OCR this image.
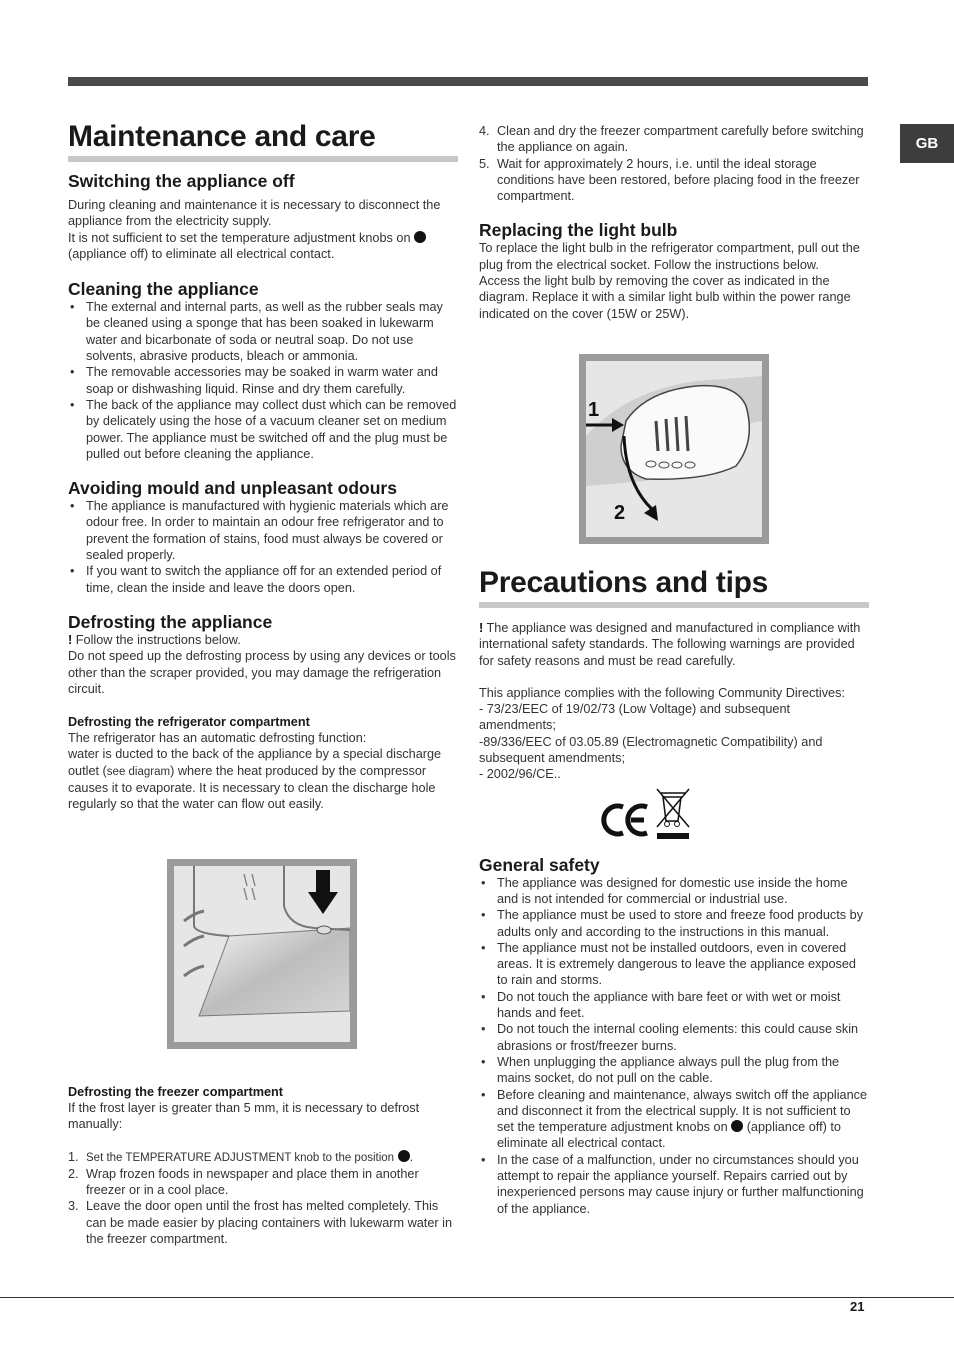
GB
Maintenance and care
Switching the appliance off

During cleaning and maintenance it is necessary to disconnect the appliance from the electricity supply.

It is not sufficient to set the temperature adjustment knobs on  (appliance off) to eliminate all electrical contact.

Cleaning the appliance
• The external and internal parts, as well as the rubber seals may be cleaned using a sponge that has been soaked in lukewarm water and bicarbonate of soda or neutral soap. Do not use solvents, abrasive products, bleach or ammonia.
• The removable accessories may be soaked in warm water and soap or dishwashing liquid. Rinse and dry them carefully.
• The back of the appliance may collect dust which can be removed by delicately using the hose of a vacuum cleaner set on medium power. The appliance must be switched off and the plug must be pulled out before cleaning the appliance.
Avoiding mould and unpleasant odours
• The appliance is manufactured with hygienic materials which are odour free. In order to maintain an odour free refrigerator and to prevent the formation of stains, food must always be covered or sealed properly.
• If you want to switch the appliance off for an extended period of time, clean the inside and leave the doors open.
Defrosting the appliance

! Follow the instructions below.

Do not speed up the defrosting process by using any devices or tools other than the scraper provided, you may damage the refrigeration circuit.

Defrosting the refrigerator compartment

The refrigerator has an automatic defrosting function:

water is ducted to the back of the appliance by a special discharge outlet (see diagram) where the heat produced by the compressor causes it to evaporate. It is necessary to clean the discharge hole regularly so that the water can flow out easily.

Defrosting the freezer compartment

If the frost layer is greater than 5 mm, it is necessary to defrost manually:

1. Set the TEMPERATURE ADJUSTMENT knob to the position .
2. Wrap frozen foods in newspaper and place them in another freezer or in a cool place.
3. Leave the door open until the frost has melted completely. This can be made easier by placing containers with lukewarm water in the freezer compartment.
4. Clean and dry the freezer compartment carefully before switching the appliance on again.
5. Wait for approximately 2 hours, i.e. until the ideal storage conditions have been restored, before placing food in the freezer compartment.
Replacing the light bulb

To replace the light bulb in the refrigerator compartment, pull out the plug from the electrical socket. Follow the instructions below.

Access the light bulb by removing the cover as indicated in the diagram. Replace it with a similar light bulb within the power range indicated on the cover (15W or 25W).

1
2
Precautions and tips

! The appliance was designed and manufactured in compliance with international safety standards. The following warnings are provided for safety reasons and must be read carefully.

This appliance complies with the following Community Directives:

- 73/23/EEC of 19/02/73 (Low Voltage) and subsequent amendments;

-89/336/EEC of 03.05.89 (Electromagnetic Compatibility) and subsequent amendments;

- 2002/96/CE..

General safety
• The appliance was designed for domestic use inside the home and is not intended for commercial or industrial use.
• The appliance must be used to store and freeze food products by adults only and according to the instructions in this manual.
• The appliance must not be installed outdoors, even in covered areas. It is extremely dangerous to leave the appliance exposed to rain and storms.
• Do not touch the appliance with bare feet or with wet or moist hands and feet.
• Do not touch the internal cooling elements: this could cause skin abrasions or frost/freezer burns.
• When unplugging the appliance always pull the plug from the mains socket, do not pull on the cable.
• Before cleaning and maintenance, always switch off the appliance and disconnect it from the electrical supply. It is not sufficient to set the temperature adjustment knobs on (appliance off) to eliminate all electrical contact.
• In the case of a malfunction, under no circumstances should you attempt to repair the appliance yourself. Repairs carried out by inexperienced persons may cause injury or further malfunctioning of the appliance.
21
